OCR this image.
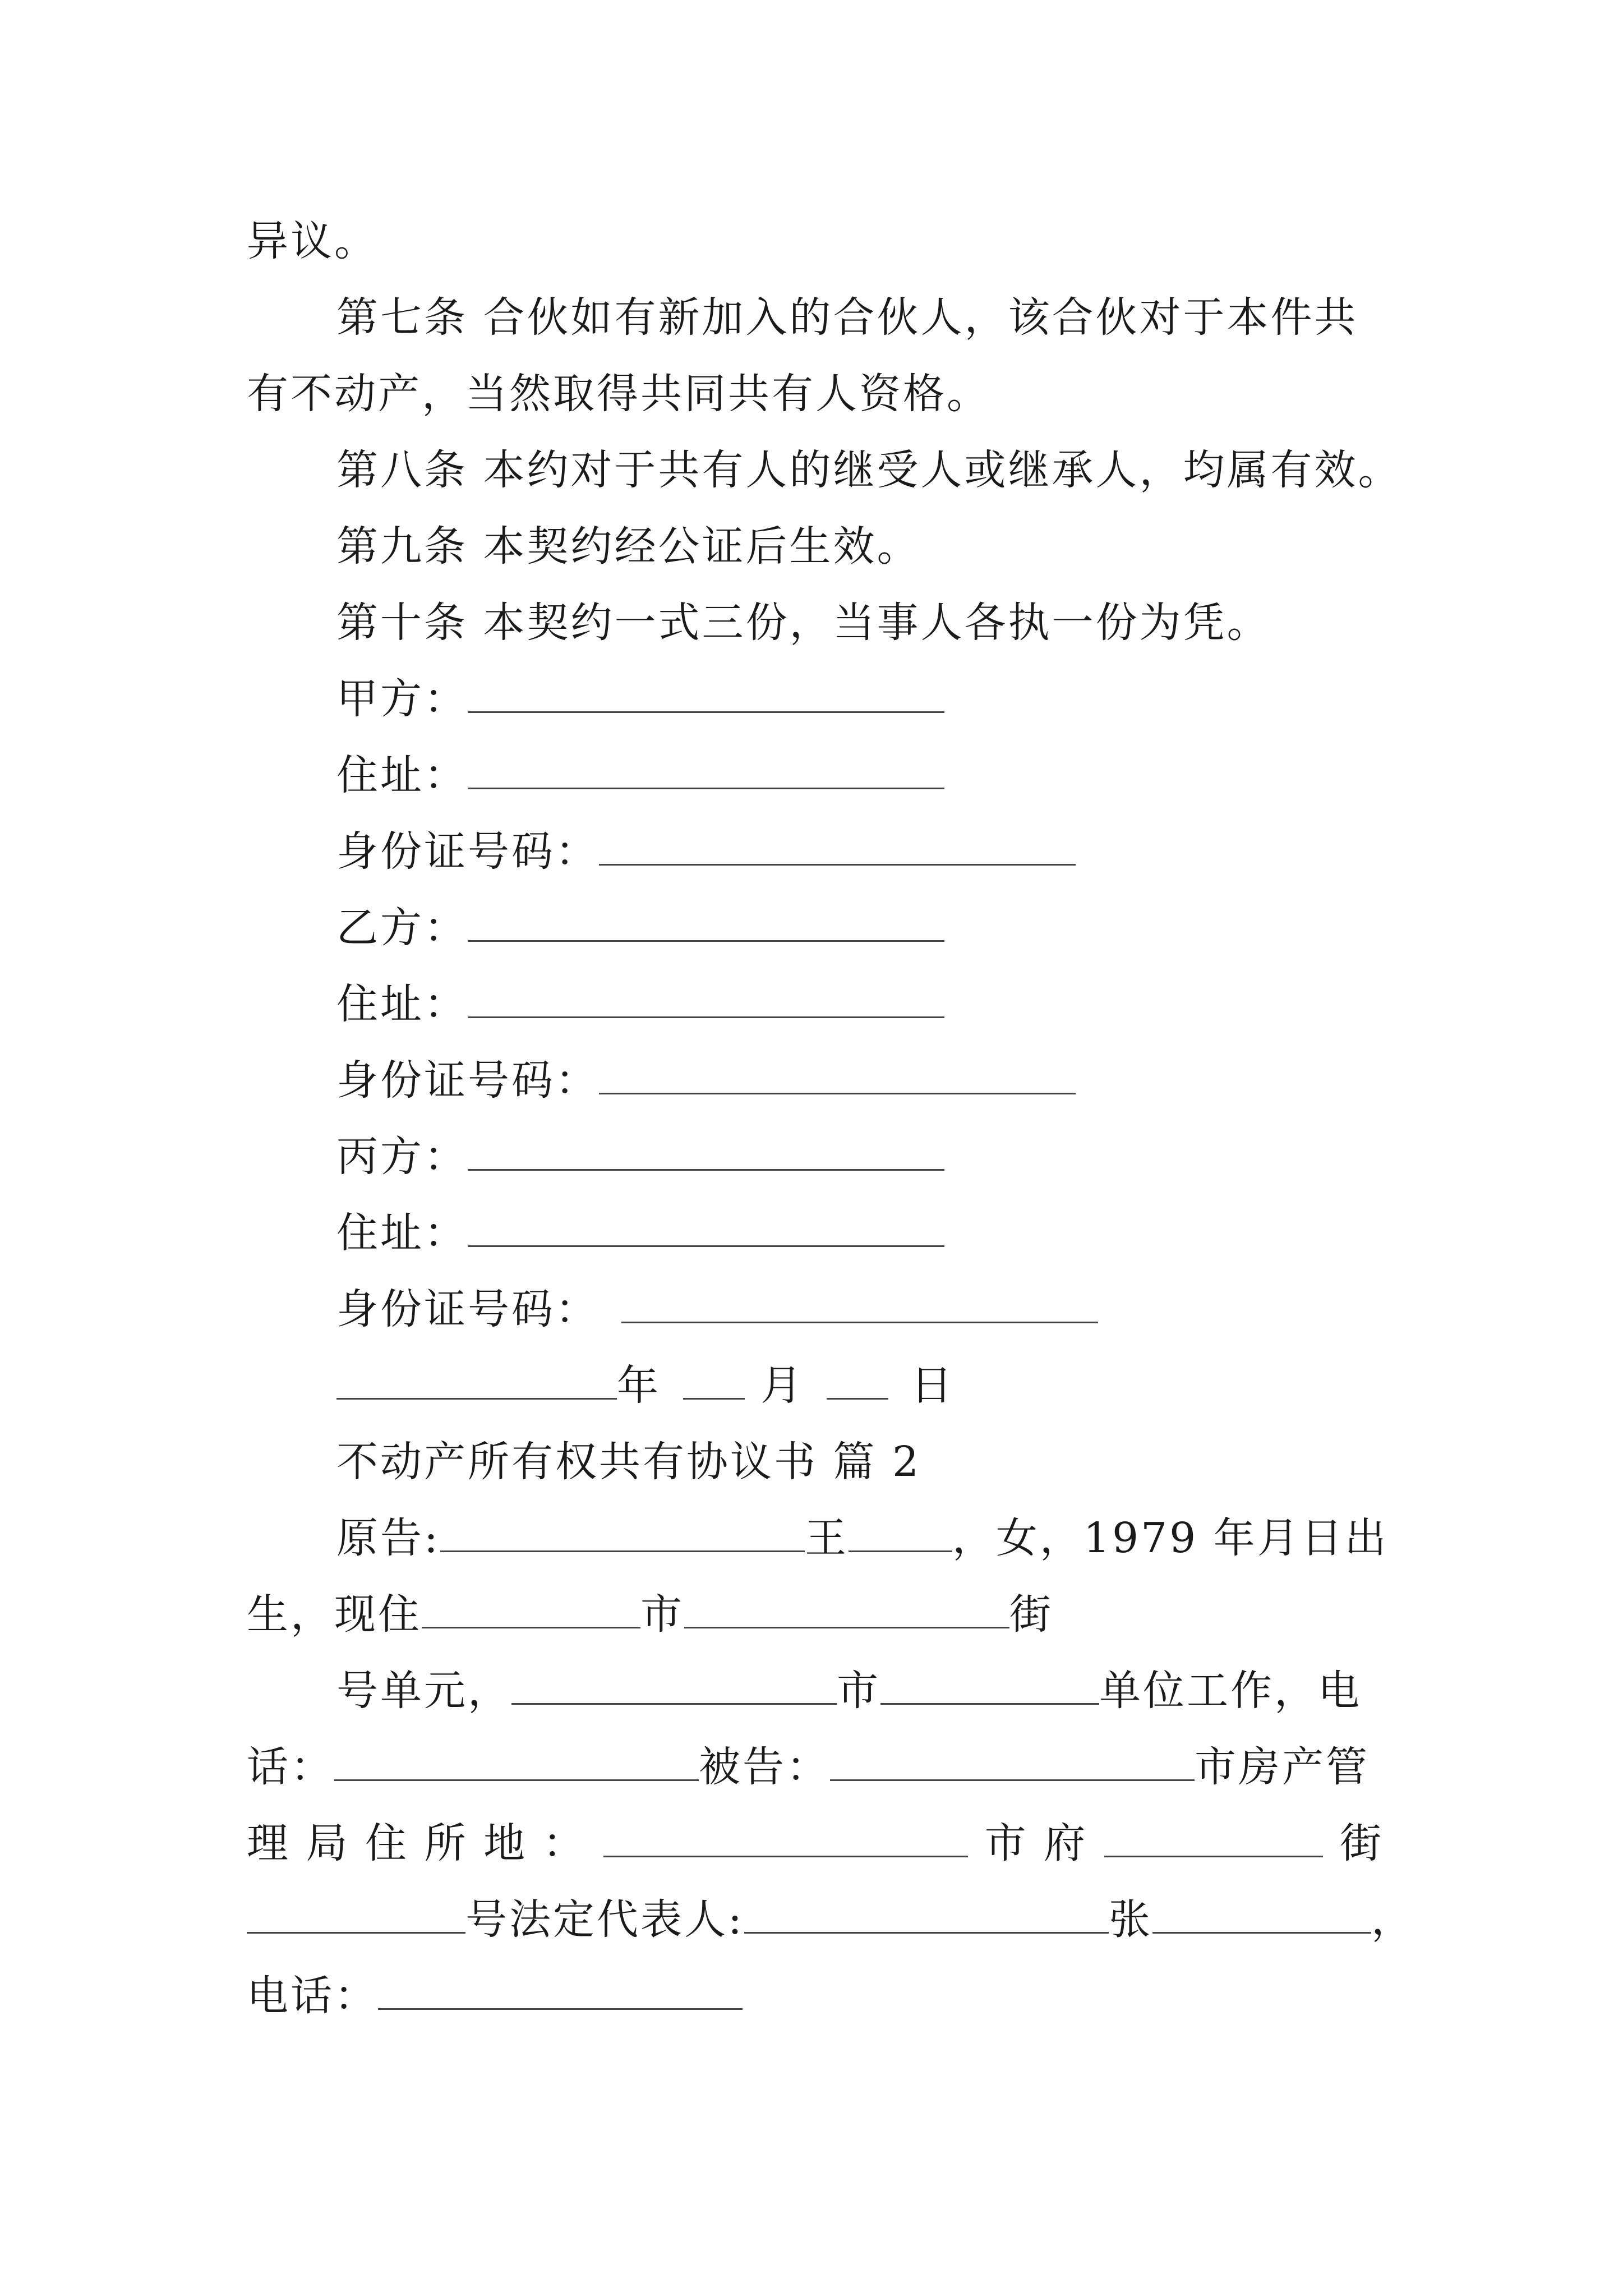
异议。
第七条 合伙如有新加入的合伙人，该合伙对于本件共
有不动产，当然取得共同共有人资格。
第八条 本约对于共有人的继受人或继承人，均属有效。
第九条 本契约经公证后生效。
第十条 本契约一式三份，当事人各执一份为凭。
甲方：
住址：
身份证号码：
乙方：
住址：
身份证号码：
丙方：
住址：
身份证号码：
年 月	日
不动产所有权共有协议书 篇 2
原告:	王	，女，1979 年月日出
生，现住	市	街
号单元，	市	单位工作，电
话：	被告：	市房产管
理 局 住 所 地 ：	市 府	街
号法定代表人:	张	，
电话：
